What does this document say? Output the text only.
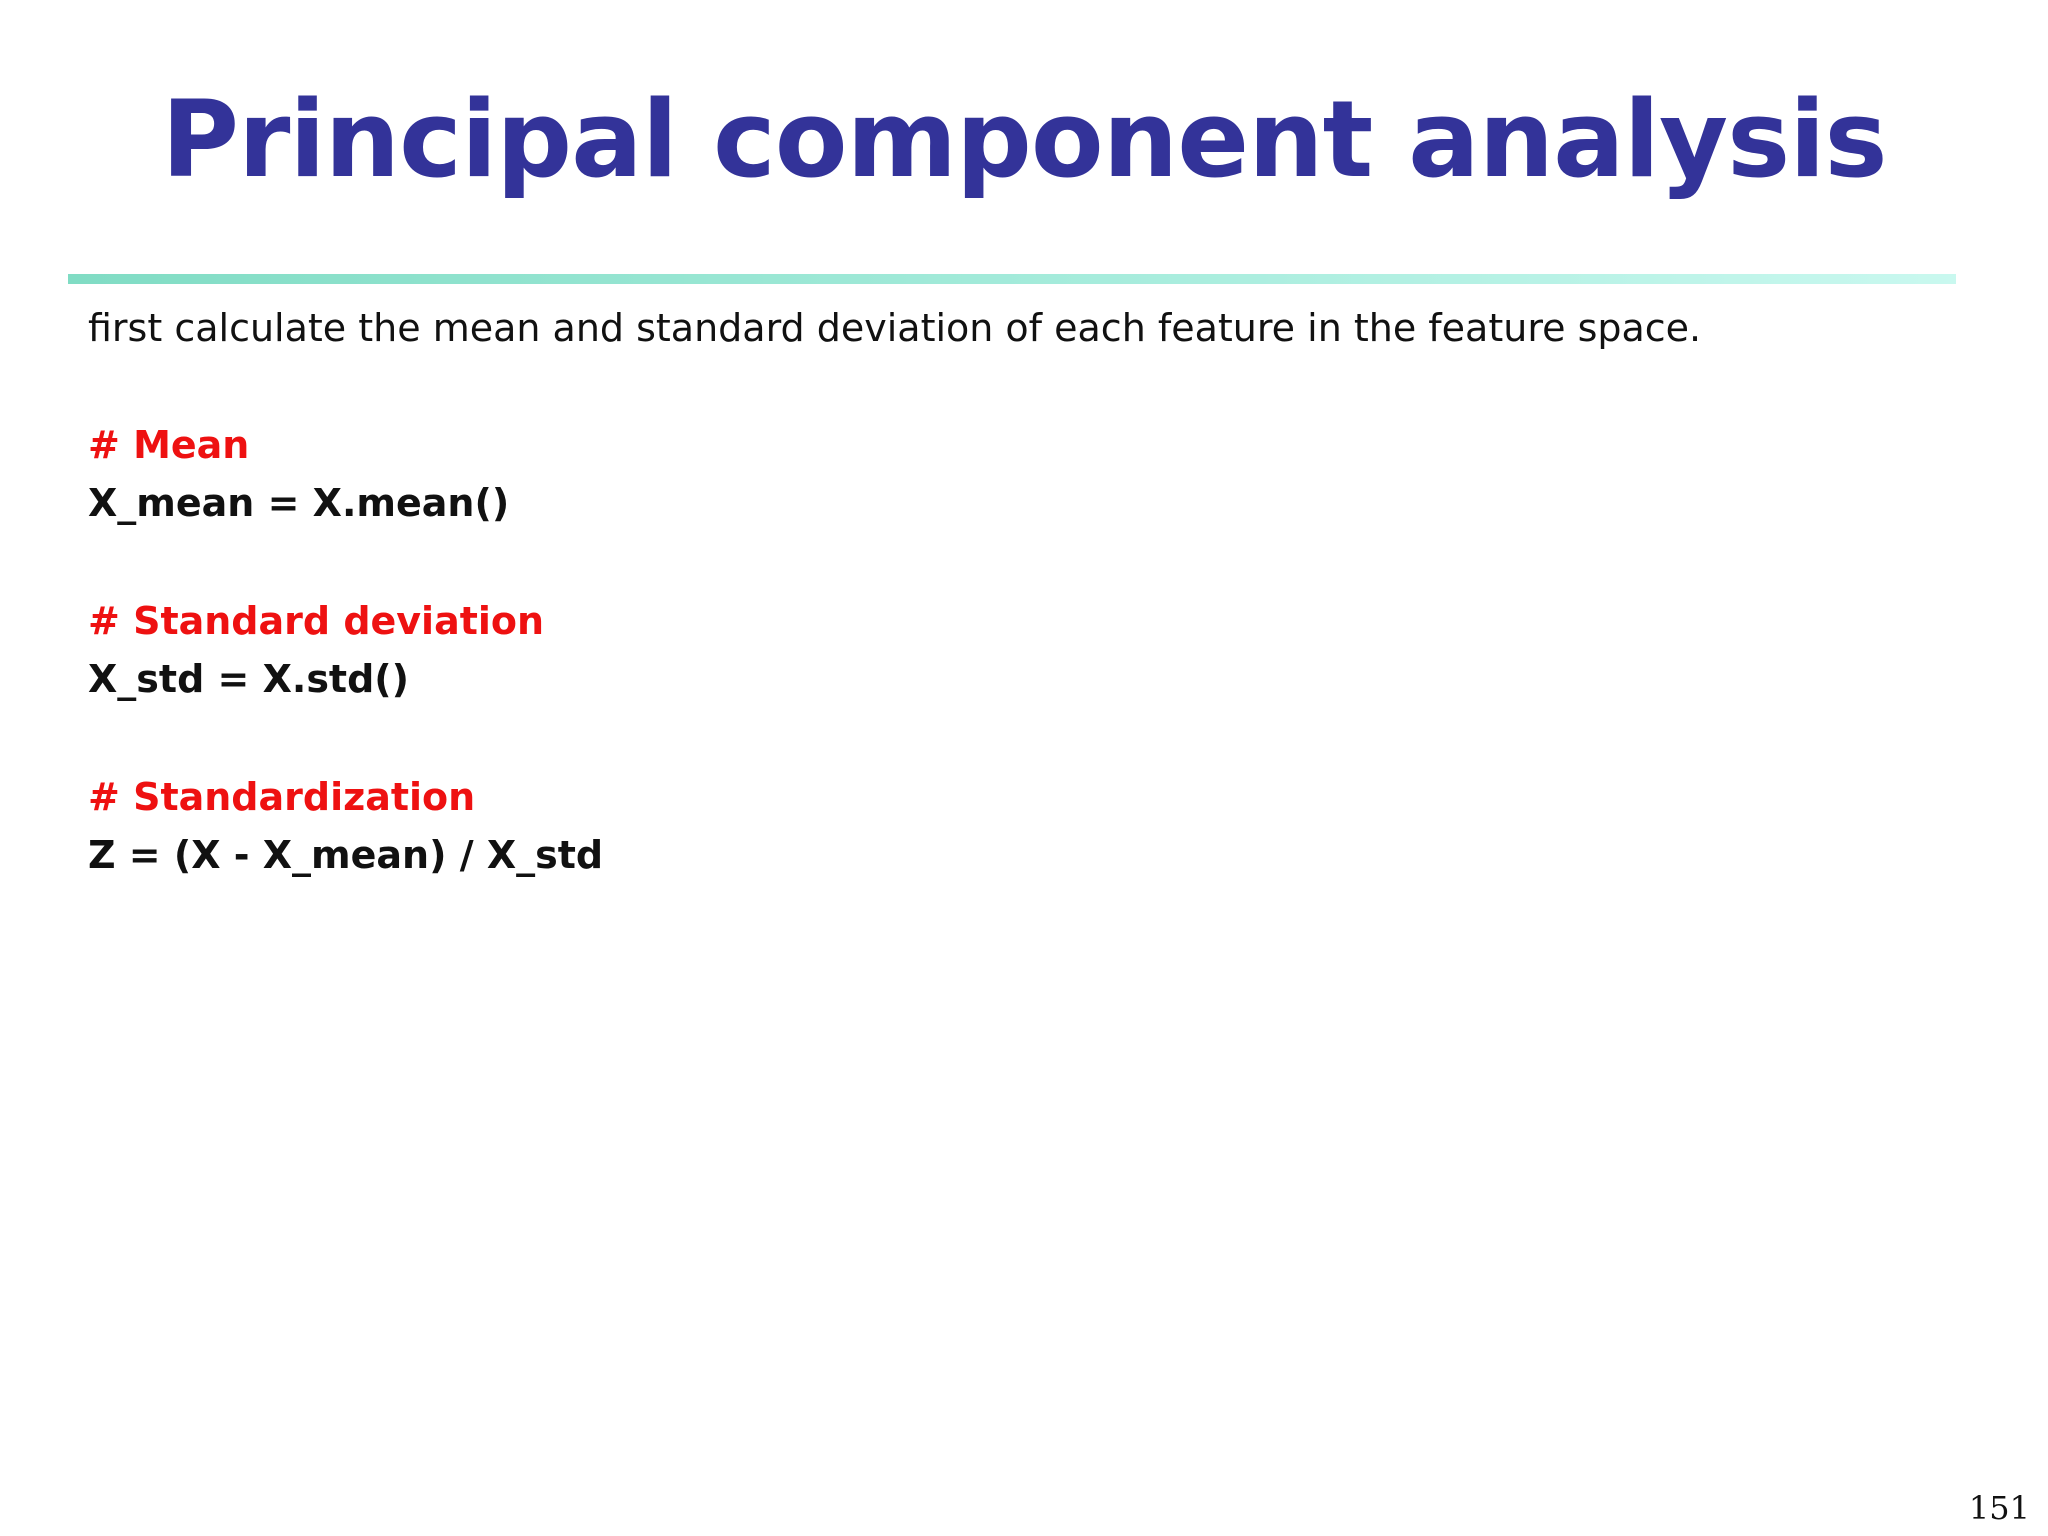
Principal component analysis

first calculate the mean and standard deviation of each feature in the feature space.

# Mean

X_mean = X.mean()

# Standard deviation

X_std = X.std()

# Standardization

Z = (X - X_mean) / X_std

151
